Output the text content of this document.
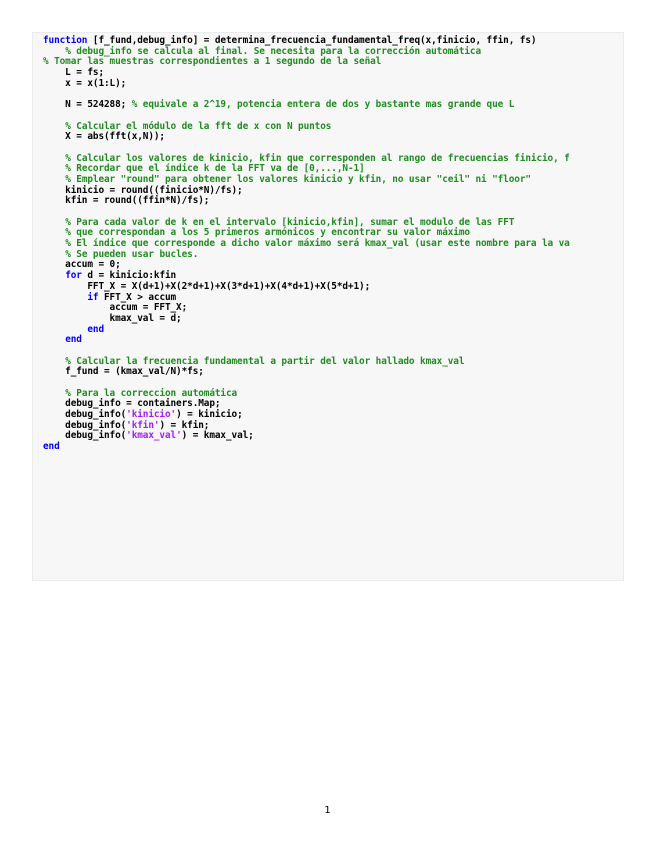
function [f_fund,debug_info] = determina_frecuencia_fundamental_freq(x,finicio, ffin, fs)
% debug_info se calcula al final. Se necesita para la corrección automática
% Tomar las muestras correspondientes a 1 segundo de la señal
L = fs;
x = x(1:L);
N = 524288; % equivale a 2^19, potencia entera de dos y bastante mas grande que L
% Calcular el módulo de la fft de x con N puntos
X = abs(fft(x,N));
% Calcular los valores de kinicio, kfin que corresponden al rango de frecuencias finicio, f
% Recordar que el índice k de la FFT va de [0,...,N-1]
% Emplear "round" para obtener los valores kinicio y kfin, no usar "ceil" ni "floor"
kinicio = round((finicio*N)/fs);
kfin = round((ffin*N)/fs);
% Para cada valor de k en el intervalo [kinicio,kfin], sumar el modulo de las FFT
% que correspondan a los 5 primeros armónicos y encontrar su valor máximo
% El índice que corresponde a dicho valor máximo será kmax_val (usar este nombre para la va
% Se pueden usar bucles.
accum = 0;
for d = kinicio:kfin
FFT_X = X(d+1)+X(2*d+1)+X(3*d+1)+X(4*d+1)+X(5*d+1);
if FFT_X > accum
accum = FFT_X;
kmax_val = d;
end
end
% Calcular la frecuencia fundamental a partir del valor hallado kmax_val
f_fund = (kmax_val/N)*fs;
% Para la correccion automática
debug_info = containers.Map;
debug_info('kinicio') = kinicio;
debug_info('kfin') = kfin;
debug_info('kmax_val') = kmax_val;
end
1
